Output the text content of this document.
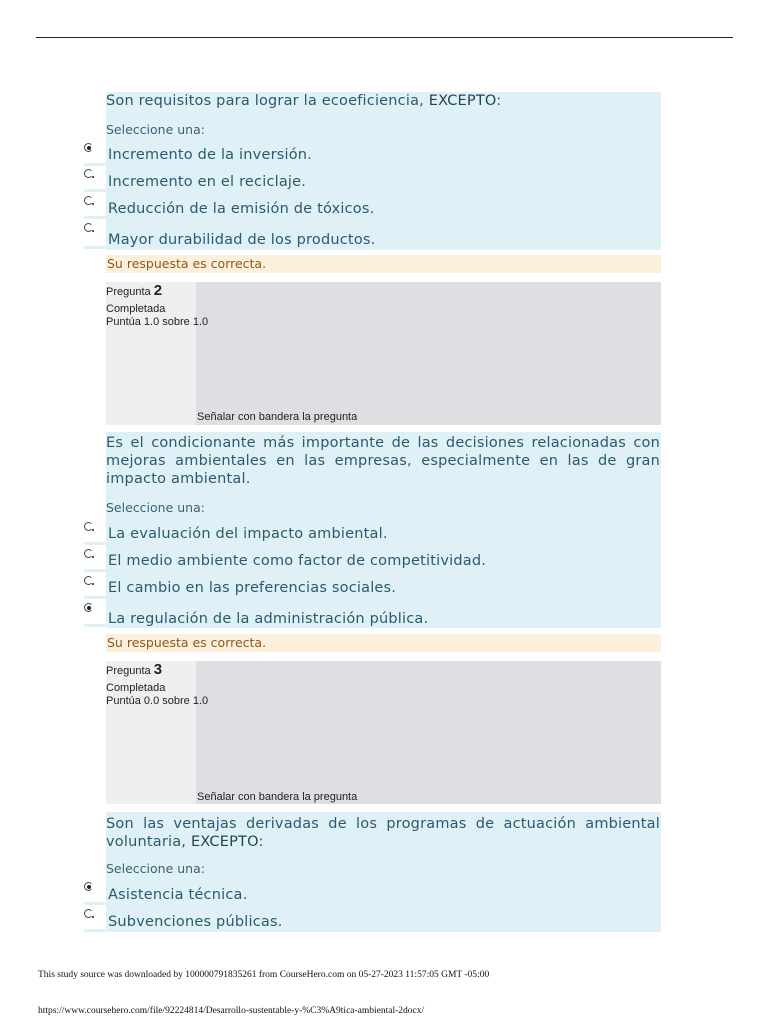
Son requisitos para lograr la ecoeficiencia, EXCEPTO:
Seleccione una:
Incremento de la inversión.
Incremento en el reciclaje.
Reducción de la emisión de tóxicos.
Mayor durabilidad de los productos.
Su respuesta es correcta.
Pregunta 2
Completada
Puntúa 1.0 sobre 1.0
Señalar con bandera la pregunta
Es el condicionante más importante de las decisiones relacionadas con mejoras ambientales en las empresas, especialmente en las de gran impacto ambiental.
Seleccione una:
La evaluación del impacto ambiental.
El medio ambiente como factor de competitividad.
El cambio en las preferencias sociales.
La regulación de la administración pública.
Su respuesta es correcta.
Pregunta 3
Completada
Puntúa 0.0 sobre 1.0
Señalar con bandera la pregunta
Son las ventajas derivadas de los programas de actuación ambiental voluntaria, EXCEPTO:
Seleccione una:
Asistencia técnica.
Subvenciones públicas.
This study source was downloaded by 100000791835261 from CourseHero.com on 05-27-2023 11:57:05 GMT -05:00
https://www.coursehero.com/file/92224814/Desarrollo-sustentable-y-%C3%A9tica-ambiental-2docx/
